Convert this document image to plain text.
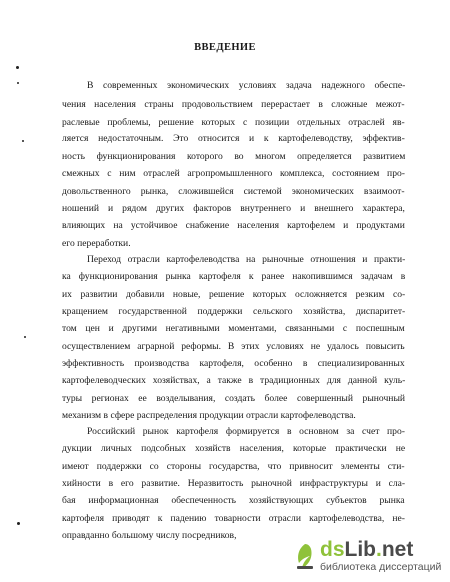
ВВЕДЕНИЕ
В современных экономических условиях задача надежного обеспе-
чения населения страны продовольствием перерастает в сложные межот-
раслевые проблемы, решение которых с позиции отдельных отраслей яв-
ляется недостаточным. Это относится и к картофелеводству, эффектив-
ность функционирования которого во многом определяется развитием
смежных с ним отраслей агропромышленного комплекса, состоянием про-
довольственного рынка, сложившейся системой экономических взаимоот-
ношений и рядом других факторов внутреннего и внешнего характера,
влияющих на устойчивое снабжение населения картофелем и продуктами
его переработки.
Переход отрасли картофелеводства на рыночные отношения и практи-
ка функционирования рынка картофеля к ранее накопившимся задачам в
их развитии добавили новые, решение которых осложняется резким со-
кращением государственной поддержки сельского хозяйства, диспаритет-
том цен и другими негативными моментами, связанными с поспешным
осуществлением аграрной реформы. В этих условиях не удалось повысить
эффективность производства картофеля, особенно в специализированных
картофелеводческих хозяйствах, а также в традиционных для данной куль-
туры регионах ее возделывания, создать более совершенный рыночный
механизм в сфере распределения продукции отрасли картофелеводства.
Российский рынок картофеля формируется в основном за счет про-
дукции личных подсобных хозяйств населения, которые практически не
имеют поддержки со стороны государства, что привносит элементы сти-
хийности в его развитие. Неразвитость рыночной инфраструктуры и сла-
бая информационная обеспеченность хозяйствующих субъектов рынка
картофеля приводят к падению товарности отрасли картофелеводства, не-
оправданно большому числу посредников,
dsLib.net
библиотека диссертаций
